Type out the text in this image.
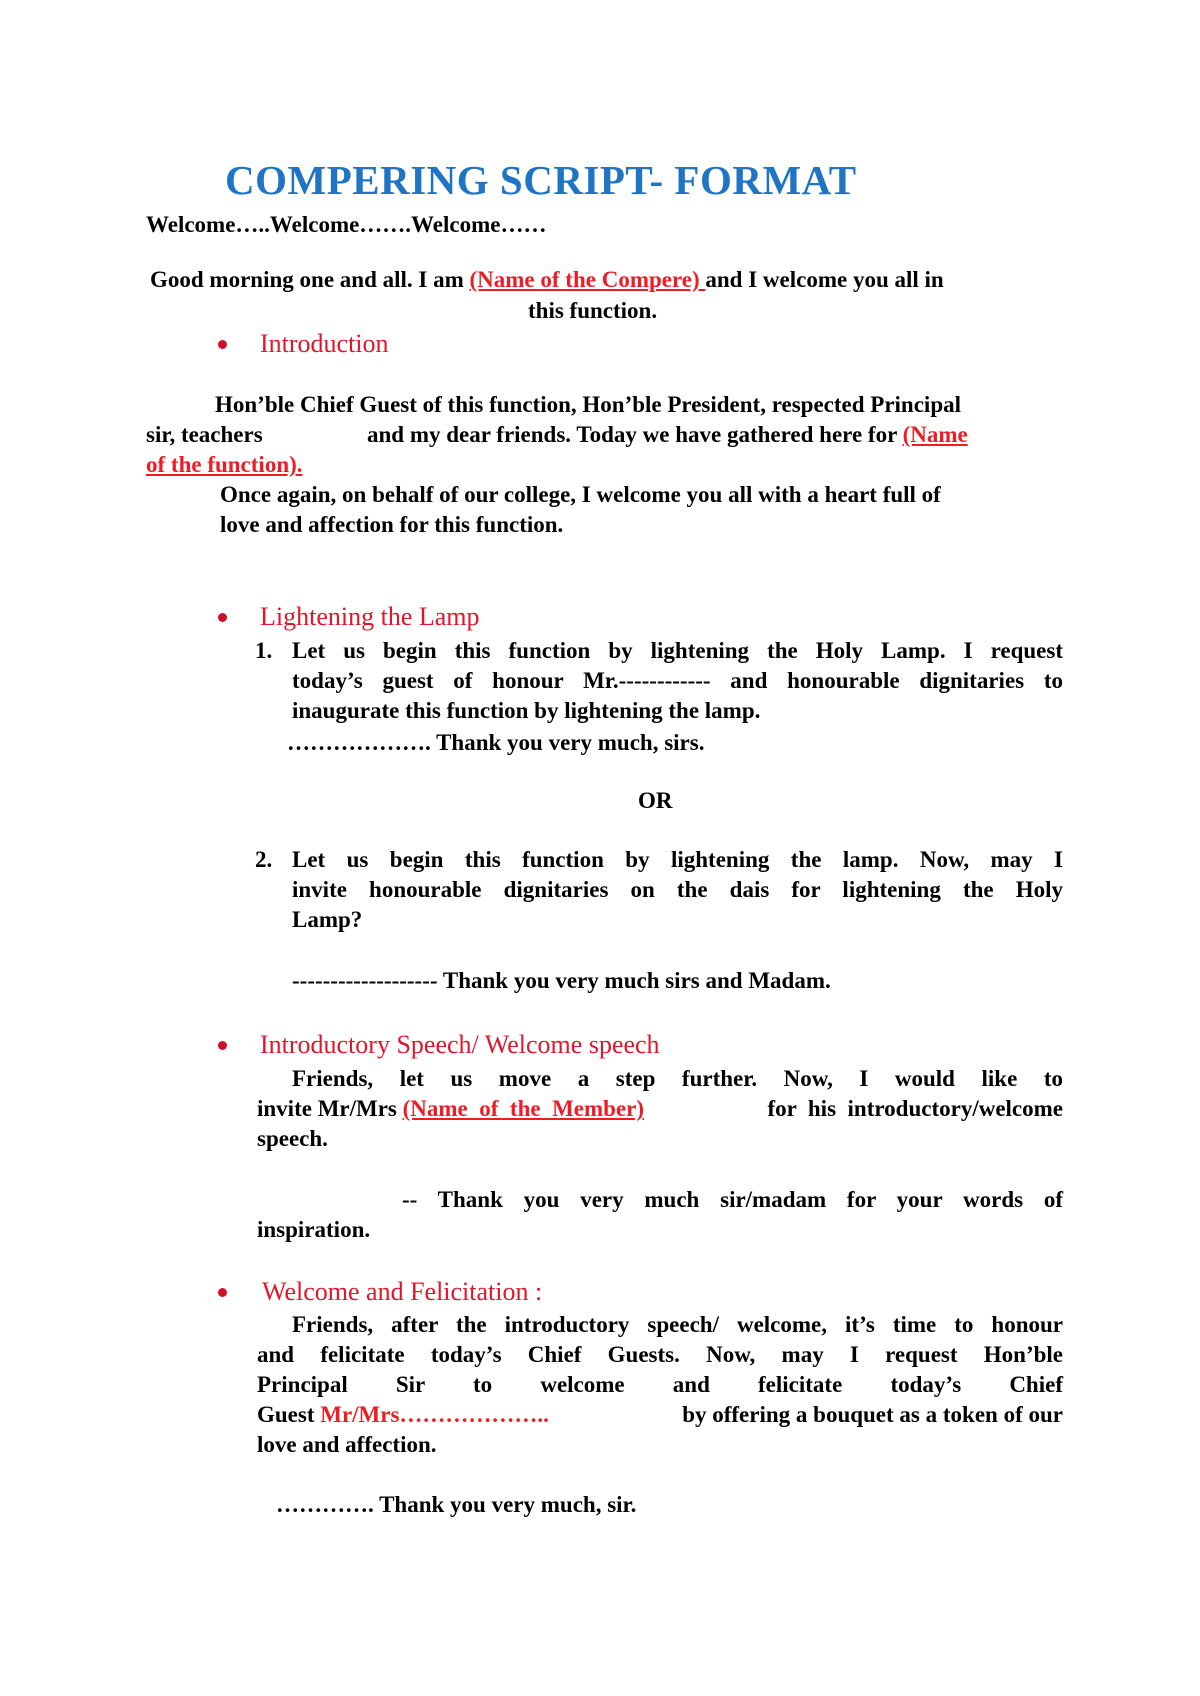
COMPERING SCRIPT- FORMAT
Welcome…..Welcome…….Welcome……
Good morning one and all. I am (Name of the Compere) and I welcome you all in
this function.
Introduction
Hon’ble Chief Guest of this function, Hon’ble President, respected Principal
sir, teachers	and my dear friends. Today we have gathered here for (Name
of the function).
Once again, on behalf of our college, I welcome you all with a heart full of
love and affection for this function.
Lightening the Lamp
1. Let us begin this function by lightening the Holy Lamp. I request
today’s guest of honour Mr.------------ and honourable dignitaries to
inaugurate this function by lightening the lamp.
………………. Thank you very much, sirs.
OR
2. Let us begin this function by lightening the lamp. Now, may I
invite honourable dignitaries on the dais for lightening the Holy
Lamp?
------------------- Thank you very much sirs and Madam.
Introductory Speech/ Welcome speech
Friends, let us move a step further. Now, I would like to
invite Mr/Mrs (Name  of  the  Member)	for  his  introductory/welcome
speech.
-- Thank you very much sir/madam for your words of
inspiration.
Welcome and Felicitation :
Friends, after the introductory speech/ welcome, it’s time to honour
and felicitate today’s Chief Guests. Now, may I request Hon’ble
Principal Sir to welcome and felicitate today’s Chief
Guest Mr/Mrs………………..	by offering a bouquet as a token of our
love and affection.
…………. Thank you very much, sir.
